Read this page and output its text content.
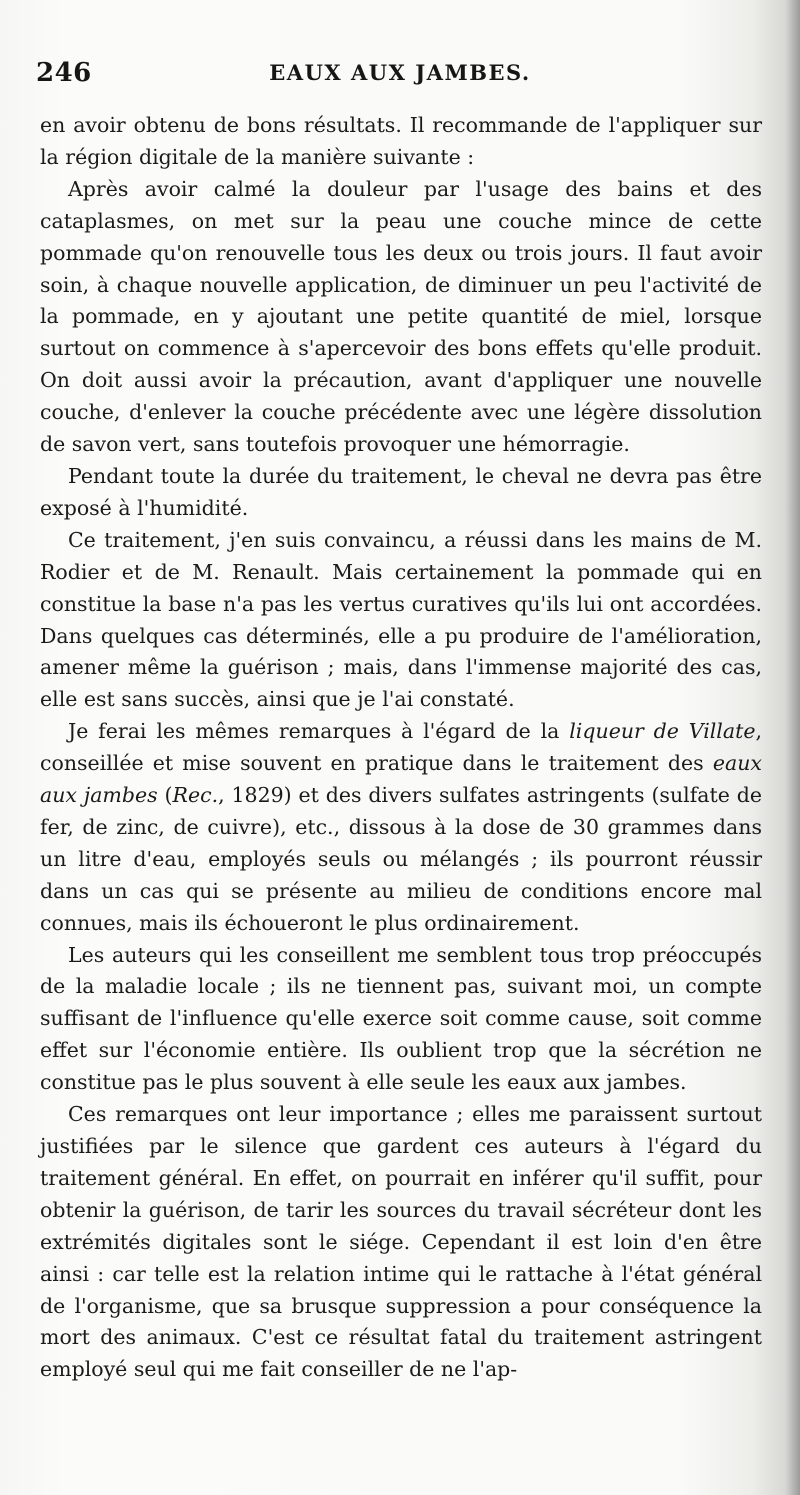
246	EAUX AUX JAMBES.

en avoir obtenu de bons résultats. Il recommande de l'appliquer sur la région digitale de la manière suivante :

Après avoir calmé la douleur par l'usage des bains et des cataplasmes, on met sur la peau une couche mince de cette pommade qu'on renouvelle tous les deux ou trois jours. Il faut avoir soin, à chaque nouvelle application, de diminuer un peu l'activité de la pommade, en y ajoutant une petite quantité de miel, lorsque surtout on commence à s'apercevoir des bons effets qu'elle produit. On doit aussi avoir la précaution, avant d'appliquer une nouvelle couche, d'enlever la couche précédente avec une légère dissolution de savon vert, sans toutefois provoquer une hémorragie.

Pendant toute la durée du traitement, le cheval ne devra pas être exposé à l'humidité.

Ce traitement, j'en suis convaincu, a réussi dans les mains de M. Rodier et de M. Renault. Mais certainement la pommade qui en constitue la base n'a pas les vertus curatives qu'ils lui ont accordées. Dans quelques cas déterminés, elle a pu produire de l'amélioration, amener même la guérison ; mais, dans l'immense majorité des cas, elle est sans succès, ainsi que je l'ai constaté.

Je ferai les mêmes remarques à l'égard de la liqueur de Villate, conseillée et mise souvent en pratique dans le traitement des eaux aux jambes (Rec., 1829) et des divers sulfates astringents (sulfate de fer, de zinc, de cuivre), etc., dissous à la dose de 30 grammes dans un litre d'eau, employés seuls ou mélangés ; ils pourront réussir dans un cas qui se présente au milieu de conditions encore mal connues, mais ils échoueront le plus ordinairement.

Les auteurs qui les conseillent me semblent tous trop préoccupés de la maladie locale ; ils ne tiennent pas, suivant moi, un compte suffisant de l'influence qu'elle exerce soit comme cause, soit comme effet sur l'économie entière. Ils oublient trop que la sécrétion ne constitue pas le plus souvent à elle seule les eaux aux jambes.

Ces remarques ont leur importance ; elles me paraissent surtout justifiées par le silence que gardent ces auteurs à l'égard du traitement général. En effet, on pourrait en inférer qu'il suffit, pour obtenir la guérison, de tarir les sources du travail sécréteur dont les extrémités digitales sont le siége. Cependant il est loin d'en être ainsi : car telle est la relation intime qui le rattache à l'état général de l'organisme, que sa brusque suppression a pour conséquence la mort des animaux. C'est ce résultat fatal du traitement astringent employé seul qui me fait conseiller de ne l'ap-
